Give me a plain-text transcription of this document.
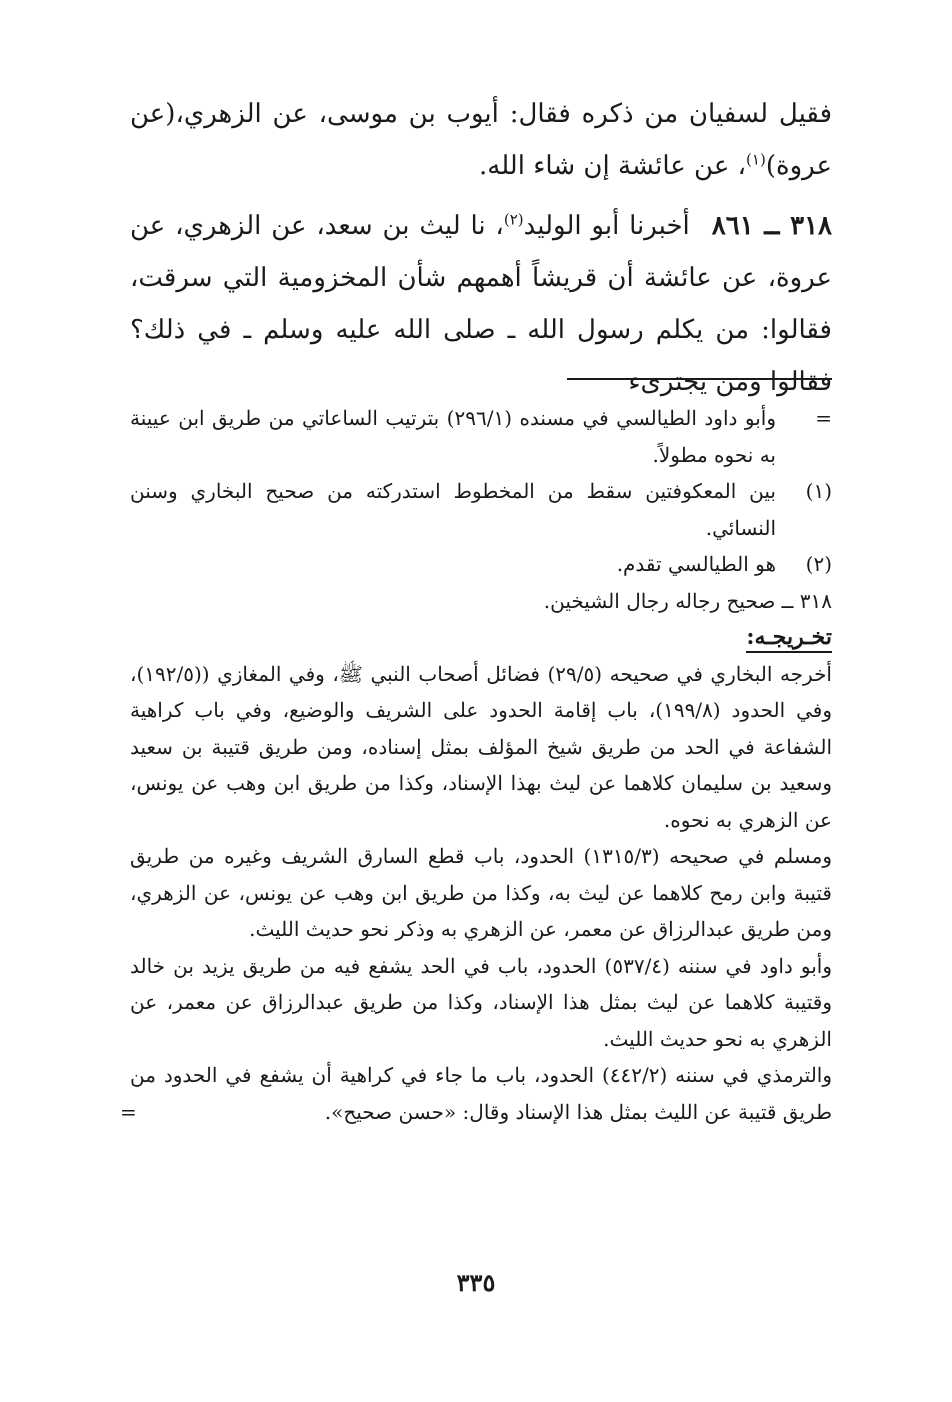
فقيل لسفيان من ذكره فقال: أيوب بن موسى، عن الزهري،(عن عروة)$^{(١)}$، عن عائشة إن شاء الله.

٣١٨ ــ ٨٦١أخبرنا أبو الوليد$^{(٢)}$، نا ليث بن سعد، عن الزهري، عن عروة، عن عائشة أن قريشاً أهمهم شأن المخزومية التي سرقت، فقالوا: من يكلم رسول الله ـ صلى الله عليه وسلم ـ في ذلك؟ فقالوا ومن يجترىء

=
وأبو داود الطيالسي في مسنده (٢٩٦/١) بترتيب الساعاتي من طريق ابن عيينة به نحوه مطولاً.
(١)
بين المعكوفتين سقط من المخطوط استدركته من صحيح البخاري وسنن النسائي.
(٢)
هو الطيالسي تقدم.

٣١٨ ــ صحيح رجاله رجال الشيخين.

تخـريجـه:

أخرجه البخاري في صحيحه (٢٩/٥) فضائل أصحاب النبي ﷺ، وفي المغازي ((١٩٢/٥)، وفي الحدود (١٩٩/٨)، باب إقامة الحدود على الشريف والوضيع، وفي باب كراهية الشفاعة في الحد من طريق شيخ المؤلف بمثل إسناده، ومن طريق قتيبة بن سعيد وسعيد بن سليمان كلاهما عن ليث بهذا الإسناد، وكذا من طريق ابن وهب عن يونس، عن الزهري به نحوه.

ومسلم في صحيحه (١٣١٥/٣) الحدود، باب قطع السارق الشريف وغيره من طريق قتيبة وابن رمح كلاهما عن ليث به، وكذا من طريق ابن وهب عن يونس، عن الزهري، ومن طريق عبدالرزاق عن معمر، عن الزهري به وذكر نحو حديث الليث.

وأبو داود في سننه (٥٣٧/٤) الحدود، باب في الحد يشفع فيه من طريق يزيد بن خالد وقتيبة كلاهما عن ليث بمثل هذا الإسناد، وكذا من طريق عبدالرزاق عن معمر، عن الزهري به نحو حديث الليث.

والترمذي في سننه (٤٤٢/٢) الحدود، باب ما جاء في كراهية أن يشفع في الحدود من طريق قتيبة عن الليث بمثل هذا الإسناد وقال: «حسن صحيح».
=

٣٣٥
